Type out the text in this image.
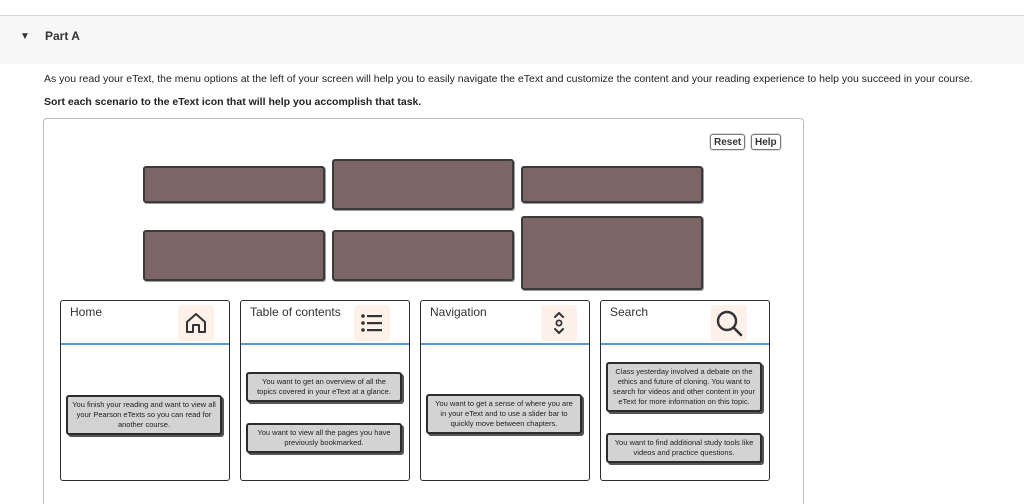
▼ Part A
As you read your eText, the menu options at the left of your screen will help you to easily navigate the eText and customize the content and your reading experience to help you succeed in your course.
Sort each scenario to the eText icon that will help you accomplish that task.
Reset	Help
Home
You finish your reading and want to view all your Pearson eTexts so you can read for another course.
Table of contents
You want to get an overview of all the topics covered in your eText at a glance.
You want to view all the pages you have previously bookmarked.
Navigation
You want to get a sense of where you are in your eText and to use a slider bar to quickly move between chapters.
Search
Class yesterday involved a debate on the ethics and future of cloning. You want to search for videos and other content in your eText for more information on this topic.
You want to find additional study tools like videos and practice questions.
